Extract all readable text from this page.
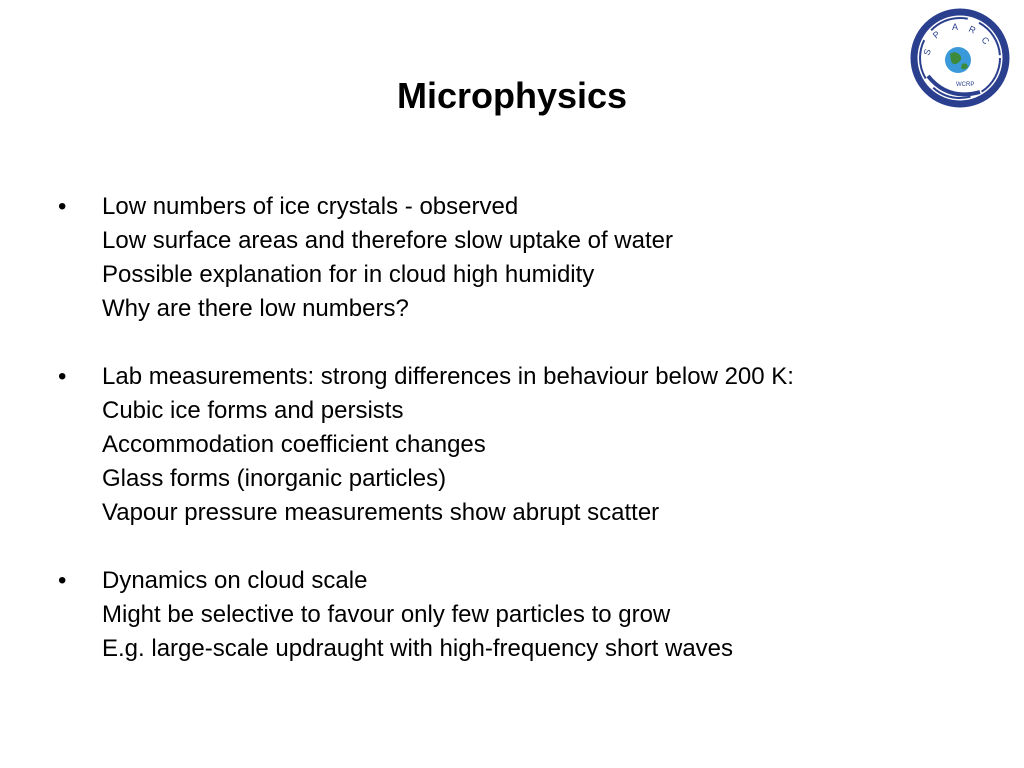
Microphysics
S
P
A R
C
WCRP
• Low numbers of ice crystals - observed
Low surface areas and therefore slow uptake of water
Possible explanation for in cloud high humidity
Why are there low numbers?
• Lab measurements: strong differences in behaviour below 200 K:
Cubic ice forms and persists
Accommodation coefficient changes
Glass forms (inorganic particles)
Vapour pressure measurements show abrupt scatter
• Dynamics on cloud scale
Might be selective to favour only few particles to grow
E.g. large-scale updraught with high-frequency short waves
